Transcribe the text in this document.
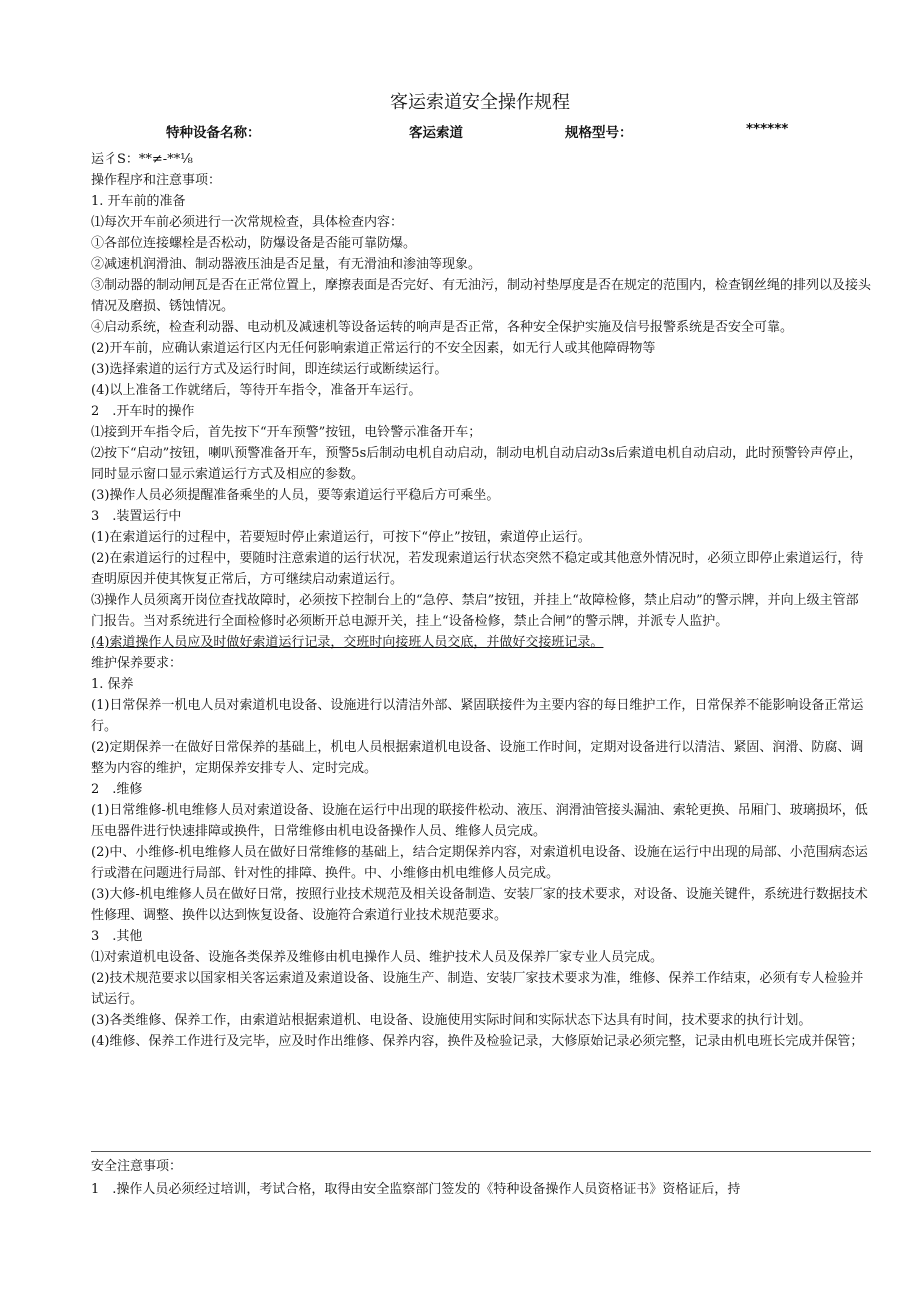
客运索道安全操作规程
特种设备名称：	客运索道	规格型号：	******

运彳S：**≠-**⅛

操作程序和注意事项：

1. 开车前的准备

⑴每次开车前必须进行一次常规检查，具体检查内容：

①各部位连接螺栓是否松动，防爆设备是否能可靠防爆。

②减速机润滑油、制动器液压油是否足量，有无滑油和渗油等现象。

③制动器的制动闸瓦是否在正常位置上，摩擦表面是否完好、有无油污，制动衬垫厚度是否在规定的范围内，检查钢丝绳的排列以及接头情况及磨损、锈蚀情况。

④启动系统，检查利动器、电动机及减速机等设备运转的响声是否正常，各种安全保护实施及信号报警系统是否安全可靠。

(2)开车前，应确认索道运行区内无任何影响索道正常运行的不安全因素，如无行人或其他障碍物等

(3)选择索道的运行方式及运行时间，即连续运行或断续运行。

(4)以上准备工作就绪后，等待开车指令，准备开车运行。

2　.开车时的操作

⑴接到开车指令后，首先按下“开车预警”按钮，电铃警示准备开车；

⑵按下“启动”按钮，喇叭预警准备开车，预警5s后制动电机自动启动，制动电机自动启动3s后索道电机自动启动，此时预警铃声停止，同时显示窗口显示索道运行方式及相应的参数。

(3)操作人员必须提醒准备乘坐的人员，要等索道运行平稳后方可乘坐。

3　.装置运行中

(1)在索道运行的过程中，若要短时停止索道运行，可按下“停止”按钮，索道停止运行。

(2)在索道运行的过程中，要随时注意索道的运行状况，若发现索道运行状态突然不稳定或其他意外情况时，必须立即停止索道运行，待查明原因并使其恢复正常后，方可继续启动索道运行。

⑶操作人员须离开岗位查找故障时，必须按下控制台上的“急停、禁启”按钮，并挂上“故障检修，禁止启动”的警示牌，并向上级主管部门报告。当对系统进行全面检修时必须断开总电源开关，挂上“设备检修，禁止合闸”的警示牌，并派专人监护。

(4)索道操作人员应及时做好索道运行记录，交班时向接班人员交底，并做好交接班记录。

维护保养要求：

1. 保养

(1)日常保养一机电人员对索道机电设备、设施进行以清洁外部、紧固联接件为主要内容的每日维护工作，日常保养不能影响设备正常运行。

(2)定期保养一在做好日常保养的基础上，机电人员根据索道机电设备、设施工作时间，定期对设备进行以清洁、紧固、润滑、防腐、调整为内容的维护，定期保养安排专人、定时完成。

2　.维修

(1)日常维修-机电维修人员对索道设备、设施在运行中出现的联接件松动、液压、润滑油管接头漏油、索轮更换、吊厢门、玻璃损坏，低压电器件进行快速排障或换件，日常维修由机电设备操作人员、维修人员完成。

(2)中、小维修-机电维修人员在做好日常维修的基础上，结合定期保养内容，对索道机电设备、设施在运行中出现的局部、小范围病态运行或潜在问题进行局部、针对性的排障、换件。中、小维修由机电维修人员完成。

(3)大修-机电维修人员在做好日常，按照行业技术规范及相关设备制造、安装厂家的技术要求，对设备、设施关键件，系统进行数据技术性修理、调整、换件以达到恢复设备、设施符合索道行业技术规范要求。

3　.其他

⑴对索道机电设备、设施各类保养及维修由机电操作人员、维护技术人员及保养厂家专业人员完成。

(2)技术规范要求以国家相关客运索道及索道设备、设施生产、制造、安装厂家技术要求为准，维修、保养工作结束，必须有专人检验并试运行。

(3)各类维修、保养工作，由索道站根据索道机、电设备、设施使用实际时间和实际状态下达具有时间，技术要求的执行计划。

(4)维修、保养工作进行及完毕，应及时作出维修、保养内容，换件及检验记录，大修原始记录必须完整，记录由机电班长完成并保管；

安全注意事项：

1　.操作人员必须经过培训，考试合格，取得由安全监察部门签发的《特种设备操作人员资格证书》资格证后，持
